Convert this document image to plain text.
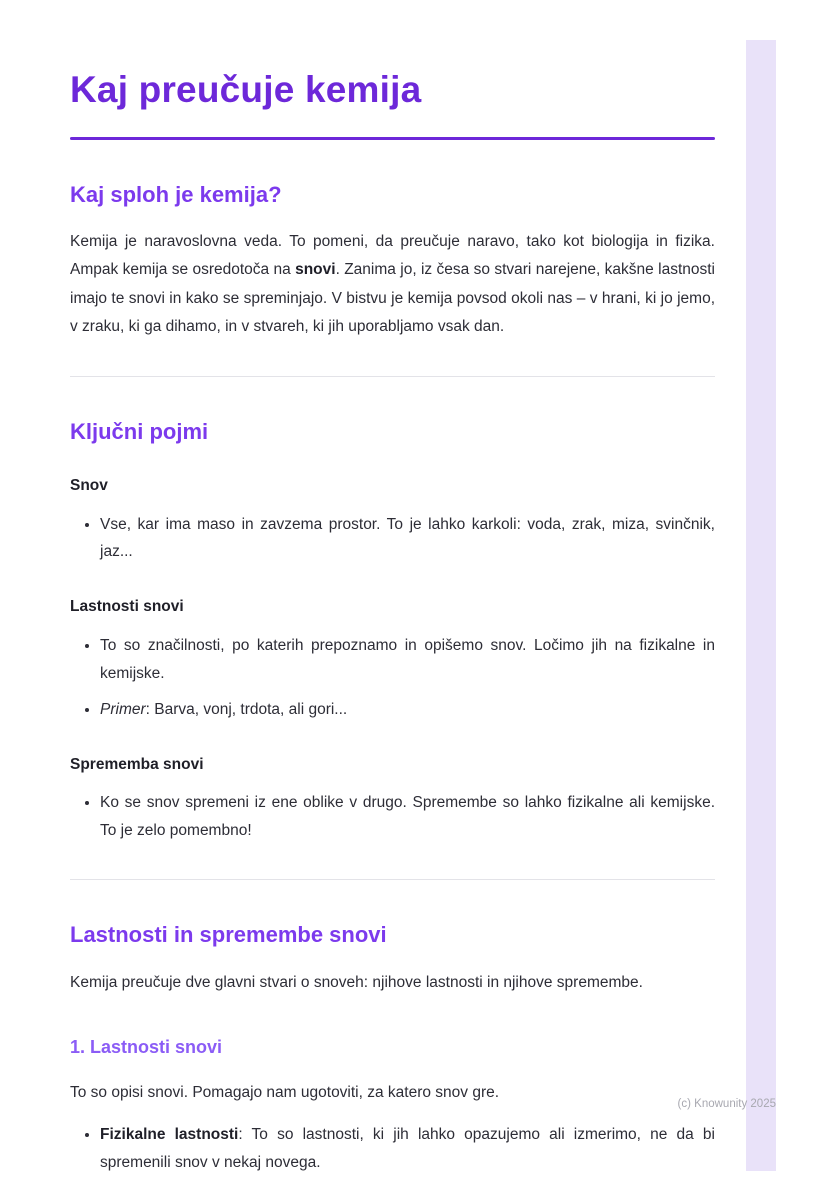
Kaj preučuje kemija
Kaj sploh je kemija?

Kemija je naravoslovna veda. To pomeni, da preučuje naravo, tako kot biologija in fizika. Ampak kemija se osredotoča na snovi. Zanima jo, iz česa so stvari narejene, kakšne lastnosti imajo te snovi in kako se spreminjajo. V bistvu je kemija povsod okoli nas – v hrani, ki jo jemo, v zraku, ki ga dihamo, in v stvareh, ki jih uporabljamo vsak dan.

Ključni pojmi
Snov
• Vse, kar ima maso in zavzema prostor. To je lahko karkoli: voda, zrak, miza, svinčnik, jaz...
Lastnosti snovi
• To so značilnosti, po katerih prepoznamo in opišemo snov. Ločimo jih na fizikalne in kemijske.
• Primer: Barva, vonj, trdota, ali gori...
Sprememba snovi
• Ko se snov spremeni iz ene oblike v drugo. Spremembe so lahko fizikalne ali kemijske. To je zelo pomembno!
Lastnosti in spremembe snovi

Kemija preučuje dve glavni stvari o snoveh: njihove lastnosti in njihove spremembe.

1. Lastnosti snovi

To so opisi snovi. Pomagajo nam ugotoviti, za katero snov gre.

• Fizikalne lastnosti: To so lastnosti, ki jih lahko opazujemo ali izmerimo, ne da bi spremenili snov v nekaj novega.
(c) Knowunity 2025
